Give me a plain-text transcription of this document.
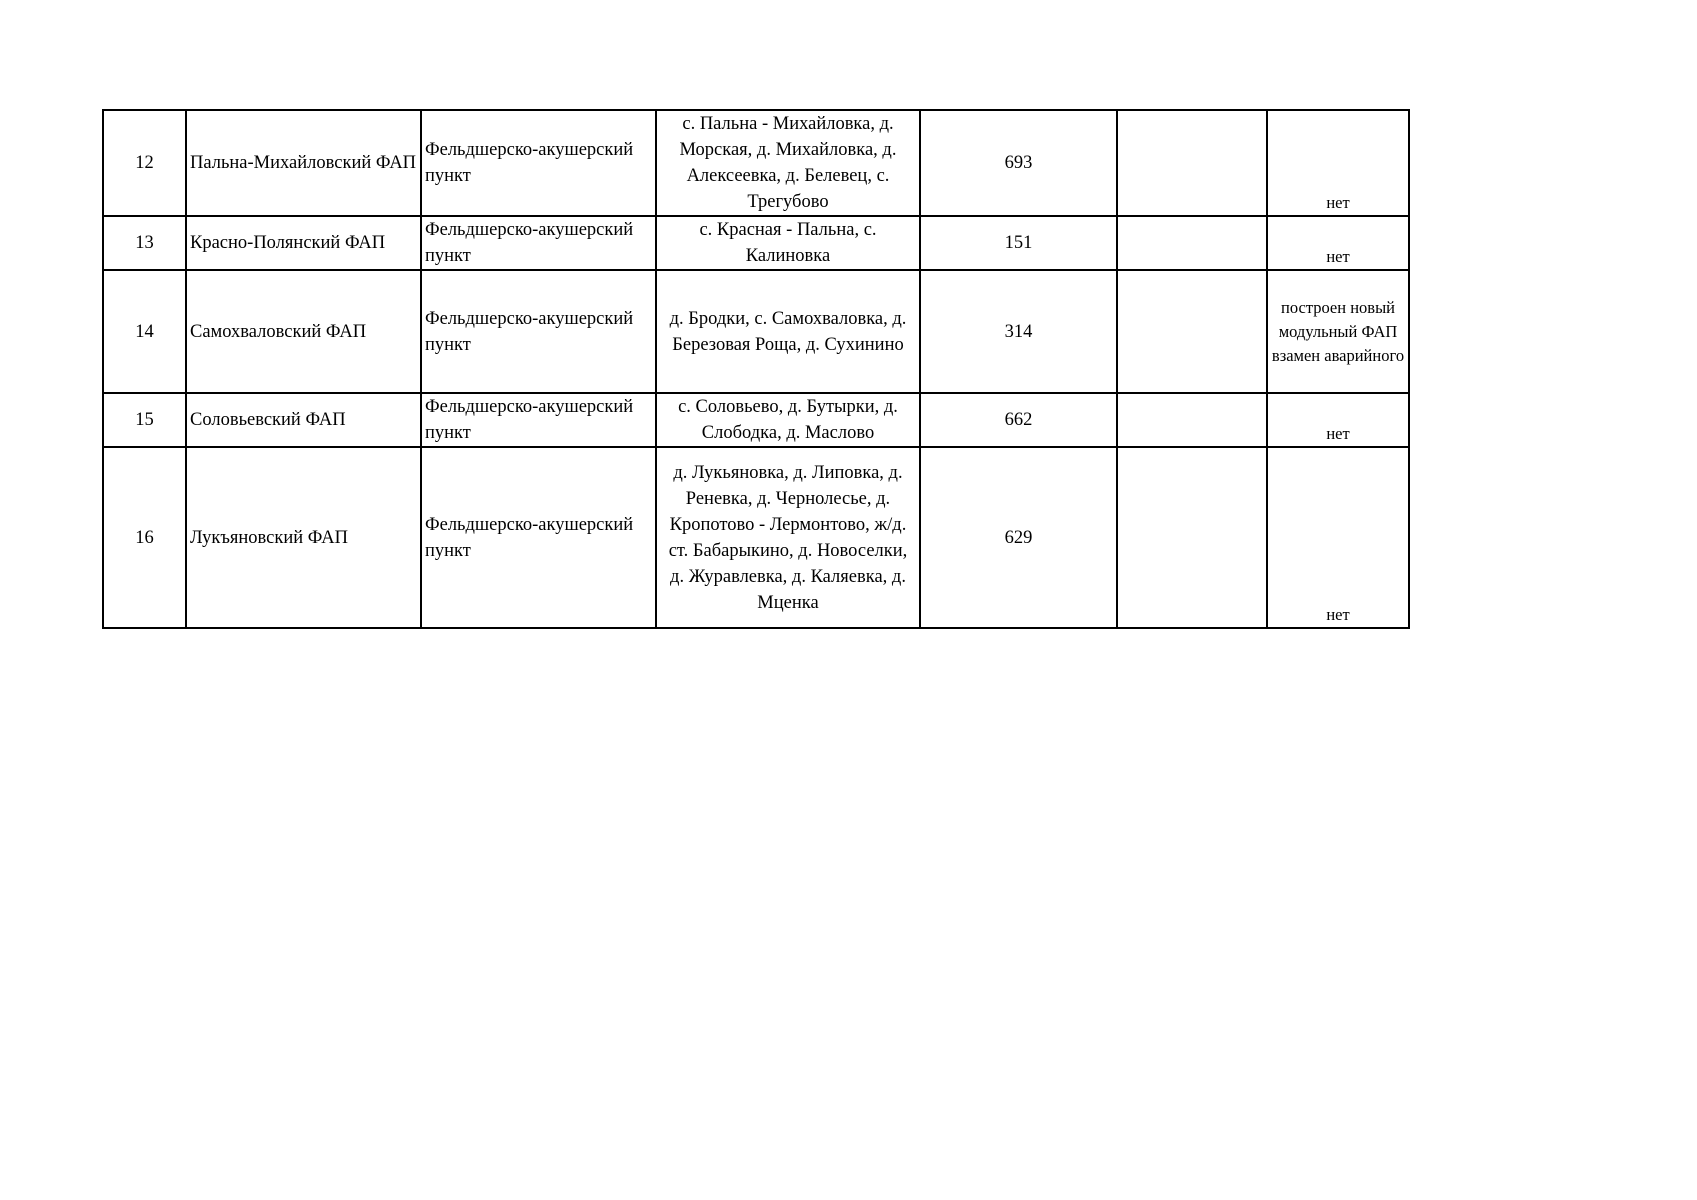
12	Пальна-Михайловский ФАП	Фельдшерско-акушерский пункт	с. Пальна - Михайловка, д. Морская, д. Михайловка, д. Алексеевка, д. Белевец, с. Трегубово	693		нет
13	Красно-Полянский ФАП	Фельдшерско-акушерский пункт	с. Красная - Пальна, с. Калиновка	151		нет
14	Самохваловский ФАП	Фельдшерско-акушерский пункт	д. Бродки, с. Самохваловка, д. Березовая Роща, д. Сухинино	314		построен новый модульный ФАП взамен аварийного
15	Соловьевский ФАП	Фельдшерско-акушерский пункт	с. Соловьево, д. Бутырки, д. Слободка, д. Маслово	662		нет
16	Лукъяновский ФАП	Фельдшерско-акушерский пункт	д. Лукьяновка, д. Липовка, д. Реневка, д. Чернолесье, д. Кропотово - Лермонтово, ж/д. ст. Бабарыкино, д. Новоселки, д. Журавлевка, д. Каляевка, д. Мценка	629		нет
